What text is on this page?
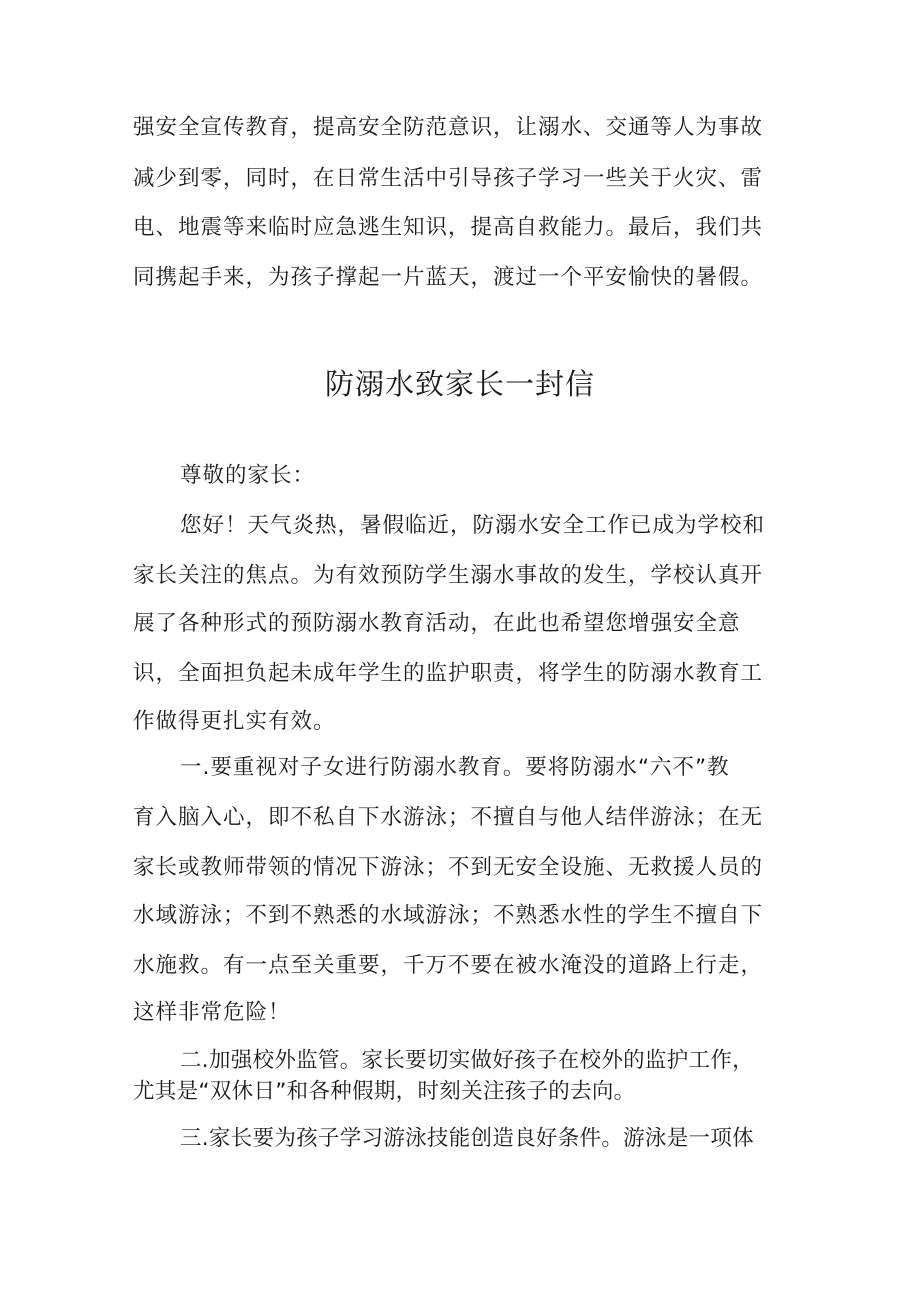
强安全宣传教育，提高安全防范意识，让溺水、交通等人为事故

减少到零，同时，在日常生活中引导孩子学习一些关于火灾、雷

电、地震等来临时应急逃生知识，提高自救能力。最后，我们共

同携起手来，为孩子撑起一片蓝天，渡过一个平安愉快的暑假。

防溺水致家长一封信

尊敬的家长：

您好！天气炎热，暑假临近，防溺水安全工作已成为学校和

家长关注的焦点。为有效预防学生溺水事故的发生，学校认真开

展了各种形式的预防溺水教育活动，在此也希望您增强安全意

识，全面担负起未成年学生的监护职责，将学生的防溺水教育工

作做得更扎实有效。

一.要重视对子女进行防溺水教育。要将防溺水“六不”教

育入脑入心，即不私自下水游泳；不擅自与他人结伴游泳；在无

家长或教师带领的情况下游泳；不到无安全设施、无救援人员的

水域游泳；不到不熟悉的水域游泳；不熟悉水性的学生不擅自下

水施救。有一点至关重要，千万不要在被水淹没的道路上行走，

这样非常危险！

二.加强校外监管。家长要切实做好孩子在校外的监护工作，

尤其是“双休日”和各种假期，时刻关注孩子的去向。

三.家长要为孩子学习游泳技能创造良好条件。游泳是一项体
